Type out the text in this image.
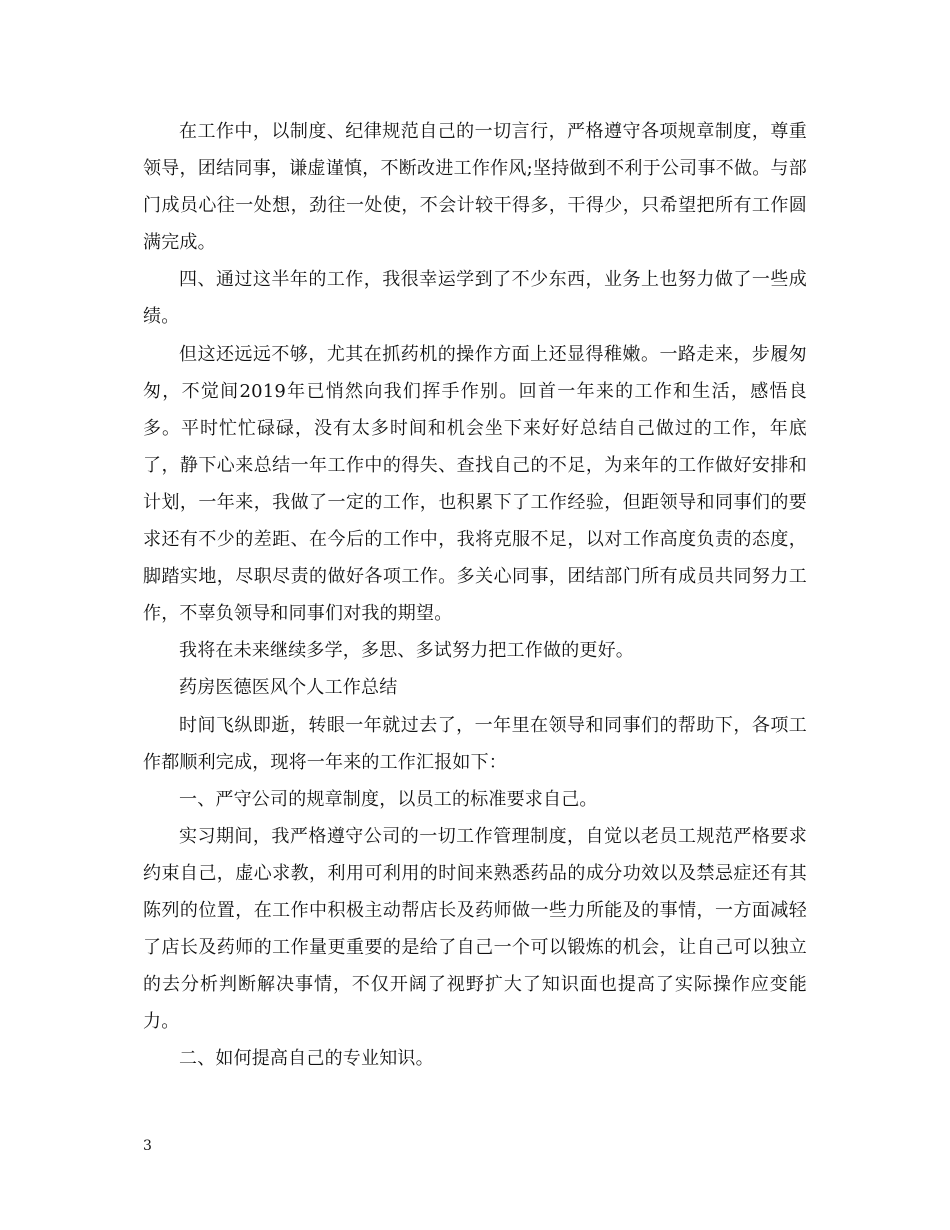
在工作中，以制度、纪律规范自己的一切言行，严格遵守各项规章制度，尊重领导，团结同事，谦虚谨慎，不断改进工作作风;坚持做到不利于公司事不做。与部门成员心往一处想，劲往一处使，不会计较干得多，干得少，只希望把所有工作圆满完成。

四、通过这半年的工作，我很幸运学到了不少东西，业务上也努力做了一些成绩。

但这还远远不够，尤其在抓药机的操作方面上还显得稚嫩。一路走来，步履匆匆，不觉间2019年已悄然向我们挥手作别。回首一年来的工作和生活，感悟良多。平时忙忙碌碌，没有太多时间和机会坐下来好好总结自己做过的工作，年底了，静下心来总结一年工作中的得失、查找自己的不足，为来年的工作做好安排和计划，一年来，我做了一定的工作，也积累下了工作经验，但距领导和同事们的要求还有不少的差距、在今后的工作中，我将克服不足，以对工作高度负责的态度，脚踏实地，尽职尽责的做好各项工作。多关心同事，团结部门所有成员共同努力工作，不辜负领导和同事们对我的期望。

我将在未来继续多学，多思、多试努力把工作做的更好。

药房医德医风个人工作总结

时间飞纵即逝，转眼一年就过去了，一年里在领导和同事们的帮助下，各项工作都顺利完成，现将一年来的工作汇报如下：

一、严守公司的规章制度，以员工的标准要求自己。

实习期间，我严格遵守公司的一切工作管理制度，自觉以老员工规范严格要求约束自己，虚心求教，利用可利用的时间来熟悉药品的成分功效以及禁忌症还有其陈列的位置，在工作中积极主动帮店长及药师做一些力所能及的事情，一方面减轻了店长及药师的工作量更重要的是给了自己一个可以锻炼的机会，让自己可以独立的去分析判断解决事情，不仅开阔了视野扩大了知识面也提高了实际操作应变能力。

二、如何提高自己的专业知识。

3
